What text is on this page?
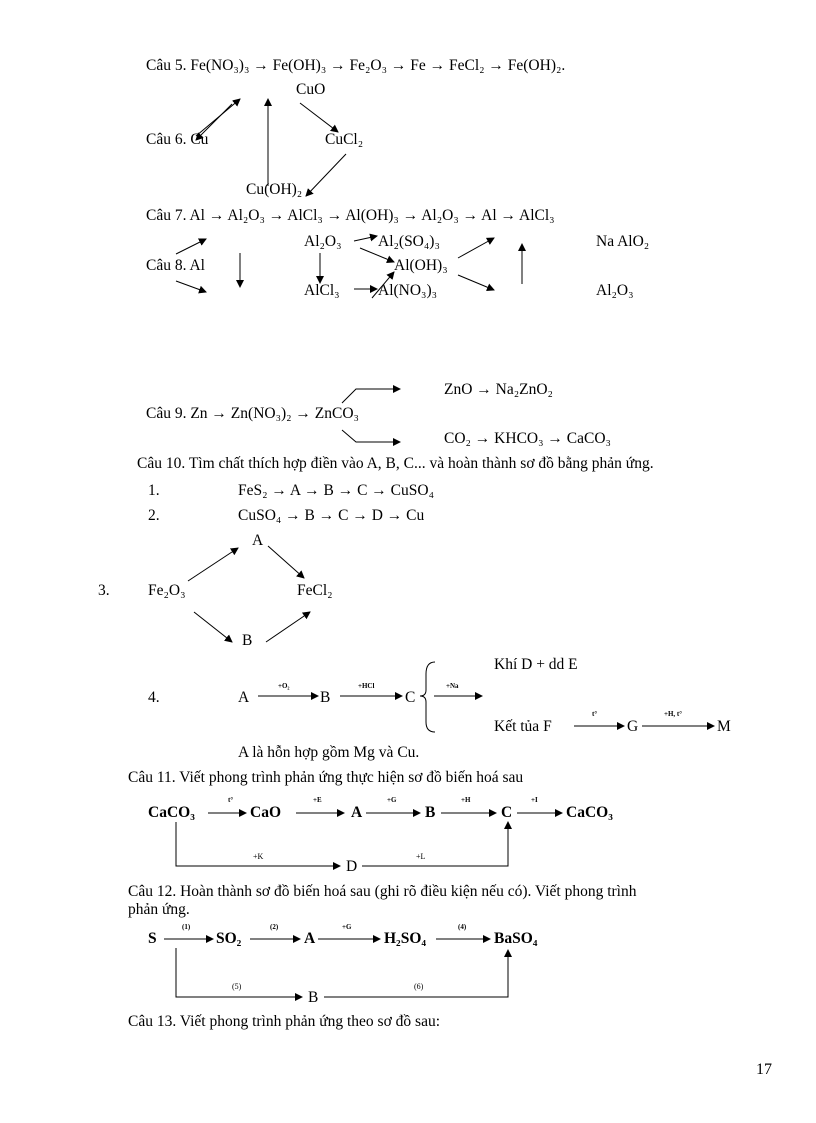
Câu 5. Fe(NO₃)₃ → Fe(OH)₃ → Fe₂O₃ → Fe → FeCl₂ → Fe(OH)₂.
CuO
Câu 6. Cu	CuCl₂
Cu(OH)₂
Câu 7. Al → Al₂O₃ → AlCl₃ → Al(OH)₃ → Al₂O₃ → Al → AlCl₃
Al₂O₃ Al₂(SO₄)₃	Na AlO₂
Câu 8. Al	Al(OH)₃
AlCl₃ Al(NO₃)₃	Al₂O₃
ZnO → Na₂ZnO₂
Câu 9. Zn → Zn(NO₃)₂ → ZnCO₃
CO₂ → KHCO₃ → CaCO₃
Câu 10. Tìm chất thích hợp điền vào A, B, C... và hoàn thành sơ đồ bằng phản ứng.
1.	FeS₂ → A → B → C → CuSO₄
2.	CuSO₄ → B → C → D → Cu
A
3. Fe₂O₃	FeCl₂
B
Khí D + dd E
4.	A
+O₂
B
+HCl
C
+Na
Kết tủa F
t°
G
+H, t°
M
A là hỗn hợp gồm Mg và Cu.
Câu 11. Viết phong trình phản ứng thực hiện sơ đồ biến hoá sau
CaCO₃
t°
CaO
+E
A
+G
B
+H
C
+I
CaCO₃
+K
D
+L
Câu 12. Hoàn thành sơ đồ biến hoá sau (ghi rõ điều kiện nếu có). Viết phong trình
phản ứng.
S
(1)
SO₂
(2)
A
+G
H₂SO₄
(4)
BaSO₄
(5)
B
(6)
Câu 13. Viết phong trình phản ứng theo sơ đồ sau:
17
